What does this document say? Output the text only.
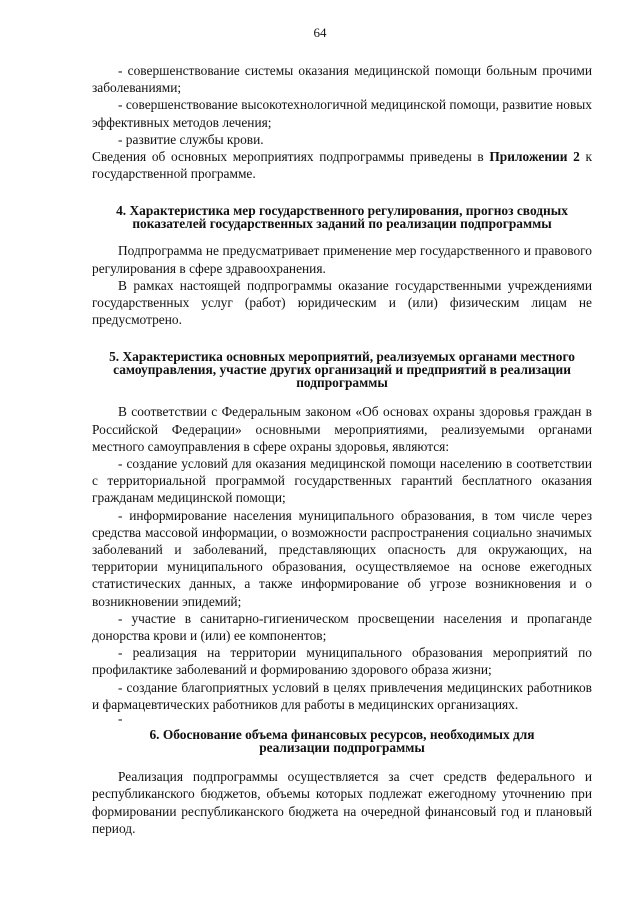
64

- совершенствование системы оказания медицинской помощи больным прочими заболеваниями;

- совершенствование высокотехнологичной медицинской помощи, развитие новых эффективных методов лечения;

- развитие службы крови.

Сведения об основных мероприятиях подпрограммы приведены в Приложении 2 к государственной программе.

4. Характеристика мер государственного регулирования, прогноз сводных показателей государственных заданий по реализации подпрограммы

Подпрограмма не предусматривает применение мер государственного и правового регулирования в сфере здравоохранения.

В рамках настоящей подпрограммы оказание государственными учреждениями государственных услуг (работ) юридическим и (или) физическим лицам не предусмотрено.

5. Характеристика основных мероприятий, реализуемых органами местного самоуправления, участие других организаций и предприятий в реализации подпрограммы

В соответствии с Федеральным законом «Об основах охраны здоровья граждан в Российской Федерации» основными мероприятиями, реализуемыми органами местного самоуправления в сфере охраны здоровья, являются:

- создание условий для оказания медицинской помощи населению в соответствии с территориальной программой государственных гарантий бесплатного оказания гражданам медицинской помощи;

- информирование населения муниципального образования, в том числе через средства массовой информации, о возможности распространения социально значимых заболеваний и заболеваний, представляющих опасность для окружающих, на территории муниципального образования, осуществляемое на основе ежегодных статистических данных, а также информирование об угрозе возникновения и о возникновении эпидемий;

- участие в санитарно-гигиеническом просвещении населения и пропаганде донорства крови и (или) ее компонентов;

- реализация на территории муниципального образования мероприятий по профилактике заболеваний и формированию здорового образа жизни;

- создание благоприятных условий в целях привлечения медицинских работников и фармацевтических работников для работы в медицинских организациях.

-

6. Обоснование объема финансовых ресурсов, необходимых для реализации подпрограммы

Реализация подпрограммы осуществляется за счет средств федерального и республиканского бюджетов, объемы которых подлежат ежегодному уточнению при формировании республиканского бюджета на очередной финансовый год и плановый период.
